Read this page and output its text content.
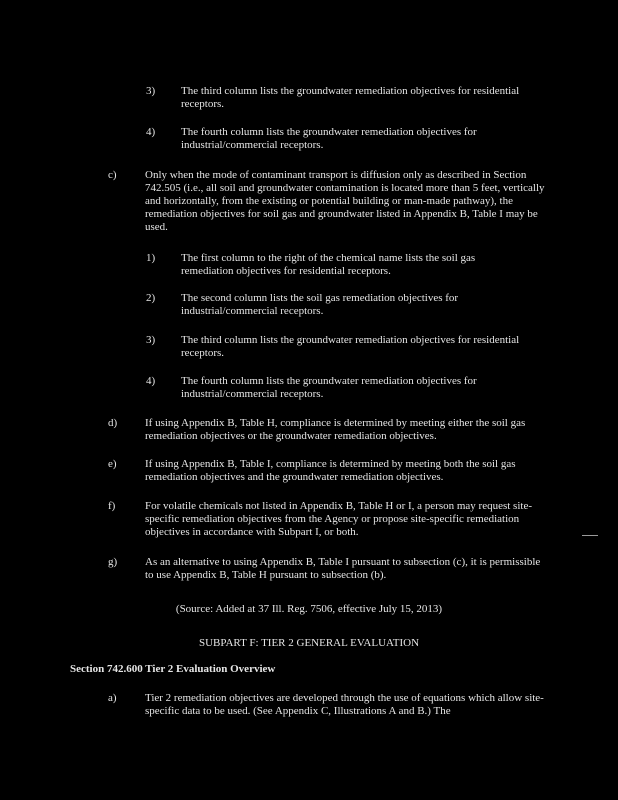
3) The third column lists the groundwater remediation objectives for residential receptors.
4) The fourth column lists the groundwater remediation objectives for industrial/commercial receptors.
c)	Only when the mode of contaminant transport is diffusion only as described in Section 742.505 (i.e., all soil and groundwater contamination is located more than 5 feet, vertically and horizontally, from the existing or potential building or man-made pathway), the remediation objectives for soil gas and groundwater listed in Appendix B, Table I may be used.
1) The first column to the right of the chemical name lists the soil gas remediation objectives for residential receptors.
2) The second column lists the soil gas remediation objectives for industrial/commercial receptors.
3) The third column lists the groundwater remediation objectives for residential receptors.
4) The fourth column lists the groundwater remediation objectives for industrial/commercial receptors.
d)	If using Appendix B, Table H, compliance is determined by meeting either the soil gas remediation objectives or the groundwater remediation objectives.
e)	If using Appendix B, Table I, compliance is determined by meeting both the soil gas remediation objectives and the groundwater remediation objectives.
f)	For volatile chemicals not listed in Appendix B, Table H or I, a person may request site-specific remediation objectives from the Agency or propose site-specific remediation objectives in accordance with Subpart I, or both.
g)	As an alternative to using Appendix B, Table I pursuant to subsection (c), it is permissible to use Appendix B, Table H pursuant to subsection (b).
(Source: Added at 37 Ill. Reg. 7506, effective July 15, 2013)
SUBPART F: TIER 2 GENERAL EVALUATION
Section 742.600 Tier 2 Evaluation Overview
a)	Tier 2 remediation objectives are developed through the use of equations which allow site-specific data to be used. (See Appendix C, Illustrations A and B.) The
